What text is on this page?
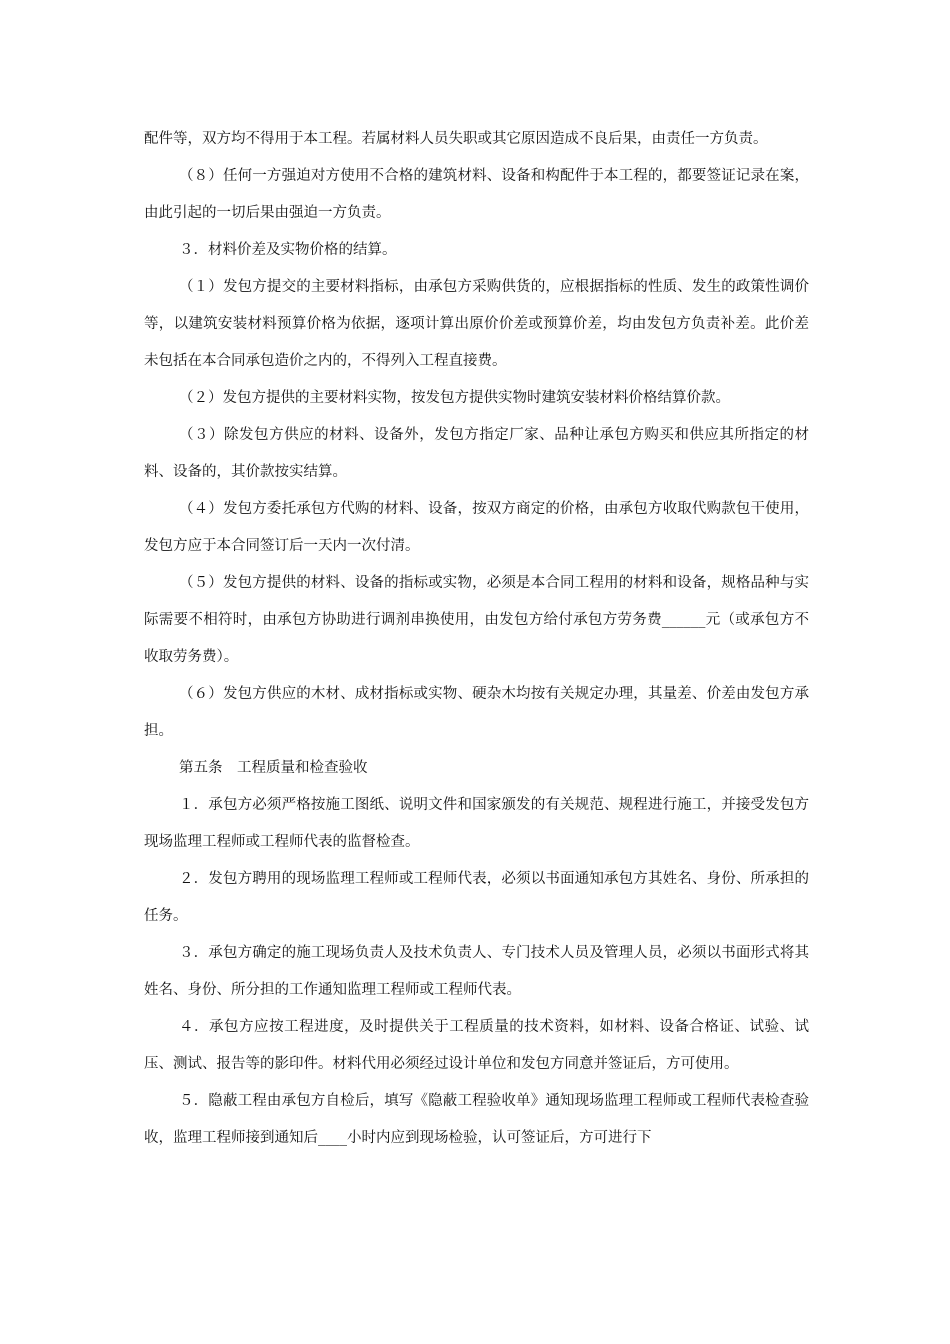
配件等，双方均不得用于本工程。若属材料人员失职或其它原因造成不良后果，由责任一方负责。

（８）任何一方强迫对方使用不合格的建筑材料、设备和构配件于本工程的，都要签证记录在案，由此引起的一切后果由强迫一方负责。

３．材料价差及实物价格的结算。

（１）发包方提交的主要材料指标，由承包方采购供货的，应根据指标的性质、发生的政策性调价等，以建筑安装材料预算价格为依据，逐项计算出原价价差或预算价差，均由发包方负责补差。此价差未包括在本合同承包造价之内的，不得列入工程直接费。

（２）发包方提供的主要材料实物，按发包方提供实物时建筑安装材料价格结算价款。

（３）除发包方供应的材料、设备外，发包方指定厂家、品种让承包方购买和供应其所指定的材料、设备的，其价款按实结算。

（４）发包方委托承包方代购的材料、设备，按双方商定的价格，由承包方收取代购款包干使用，发包方应于本合同签订后一天内一次付清。

（５）发包方提供的材料、设备的指标或实物，必须是本合同工程用的材料和设备，规格品种与实际需要不相符时，由承包方协助进行调剂串换使用，由发包方给付承包方劳务费______元（或承包方不收取劳务费）。

（６）发包方供应的木材、成材指标或实物、硬杂木均按有关规定办理，其量差、价差由发包方承担。

第五条　工程质量和检查验收

１．承包方必须严格按施工图纸、说明文件和国家颁发的有关规范、规程进行施工，并接受发包方现场监理工程师或工程师代表的监督检查。

２．发包方聘用的现场监理工程师或工程师代表，必须以书面通知承包方其姓名、身份、所承担的任务。

３．承包方确定的施工现场负责人及技术负责人、专门技术人员及管理人员，必须以书面形式将其姓名、身份、所分担的工作通知监理工程师或工程师代表。

４．承包方应按工程进度，及时提供关于工程质量的技术资料，如材料、设备合格证、试验、试压、测试、报告等的影印件。材料代用必须经过设计单位和发包方同意并签证后，方可使用。

５．隐蔽工程由承包方自检后，填写《隐蔽工程验收单》通知现场监理工程师或工程师代表检查验收，监理工程师接到通知后____小时内应到现场检验，认可签证后，方可进行下
